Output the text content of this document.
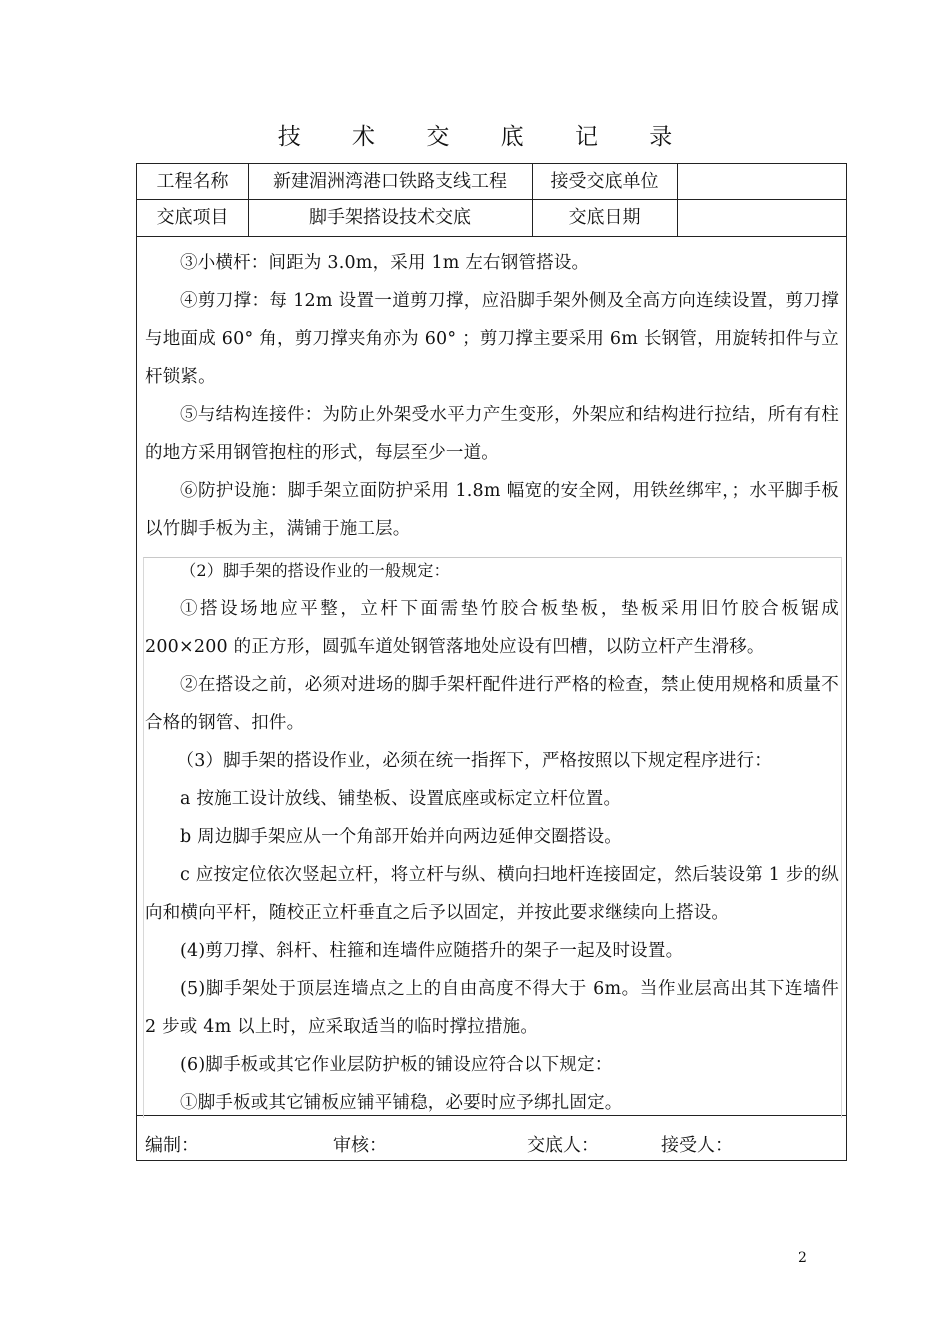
技 术 交 底 记 录
工程名称	新建湄洲湾港口铁路支线工程	接受交底单位
交底项目	脚手架搭设技术交底	交底日期

③小横杆：间距为 3.0m，采用 1m 左右钢管搭设。

④剪刀撑：每 12m 设置一道剪刀撑，应沿脚手架外侧及全高方向连续设置，剪刀撑与地面成 60° 角，剪刀撑夹角亦为 60° ；剪刀撑主要采用 6m 长钢管，用旋转扣件与立杆锁紧。

⑤与结构连接件：为防止外架受水平力产生变形，外架应和结构进行拉结，所有有柱的地方采用钢管抱柱的形式，每层至少一道。

⑥防护设施：脚手架立面防护采用 1.8m 幅宽的安全网，用铁丝绑牢，；水平脚手板以竹脚手板为主，满铺于施工层。

（2）脚手架的搭设作业的一般规定：

①搭设场地应平整，立杆下面需垫竹胶合板垫板，垫板采用旧竹胶合板锯成 200×200 的正方形，圆弧车道处钢管落地处应设有凹槽，以防立杆产生滑移。

②在搭设之前，必须对进场的脚手架杆配件进行严格的检查，禁止使用规格和质量不合格的钢管、扣件。

（3）脚手架的搭设作业，必须在统一指挥下，严格按照以下规定程序进行：

a 按施工设计放线、铺垫板、设置底座或标定立杆位置。

b 周边脚手架应从一个角部开始并向两边延伸交圈搭设。

c 应按定位依次竖起立杆，将立杆与纵、横向扫地杆连接固定，然后装设第 1 步的纵向和横向平杆，随校正立杆垂直之后予以固定，并按此要求继续向上搭设。

(4)剪刀撑、斜杆、柱箍和连墙件应随搭升的架子一起及时设置。

(5)脚手架处于顶层连墙点之上的自由高度不得大于 6m。当作业层高出其下连墙件 2 步或 4m 以上时，应采取适当的临时撑拉措施。

(6)脚手板或其它作业层防护板的铺设应符合以下规定：

①脚手板或其它铺板应铺平铺稳，必要时应予绑扎固定。

编制：	审核：	交底人：	接受人：
2
